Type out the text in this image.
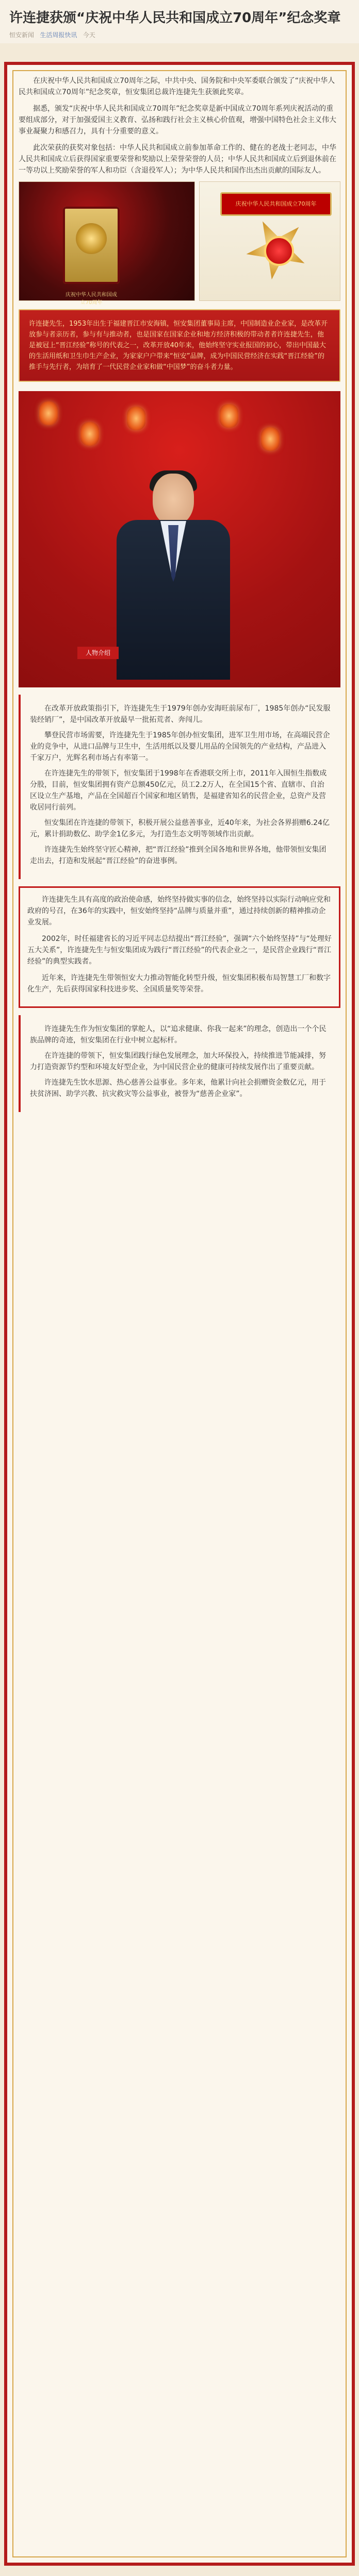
许连捷获颁“庆祝中华人民共和国成立70周年”纪念奖章
恒安新闻 生活周报快讯 今天

在庆祝中华人民共和国成立70周年之际，中共中央、国务院和中央军委联合颁发了“庆祝中华人民共和国成立70周年”纪念奖章，恒安集团总裁许连捷先生获颁此奖章。

据悉，颁发“庆祝中华人民共和国成立70周年”纪念奖章是新中国成立70周年系列庆祝活动的重要组成部分，对于加强爱国主义教育、弘扬和践行社会主义核心价值观，增强中国特色社会主义伟大事业凝聚力和感召力，具有十分重要的意义。

此次荣获的获奖对象包括：中华人民共和国成立前参加革命工作的、健在的老战士老同志，中华人民共和国成立后获得国家重要荣誉和奖励以上荣誉荣誉的人员；中华人民共和国成立后到退休前在一等功以上奖励荣誉的军人和功臣（含退役军人）；为中华人民共和国作出杰出贡献的国际友人。

庆祝中华人民共和国成立70周年
庆祝中华人民共和国成立70周年

许连捷先生，1953年出生于福建晋江市安海镇，恒安集团董事局主席，中国制造业企业家，是改革开放参与者亲历者，参与有与推动者，也是国家在国家企业和地方经济积极的带动者者许连捷先生，他是被冠上“晋江经验”称号的代表之一，改革开放40年来，他始终坚守实业报国的初心，带出中国最大的生活用纸和卫生巾生产企业，为家家户户带来“恒安”品牌，成为中国民营经济在实践“晋江经验”的推手与先行者，为培育了一代民营企业家和做“中国梦”的奋斗者力量。

在改革开放政策指引下，许连捷先生于1979年创办安海旺前尿布厂，1985年创办“民发服装经销厂”，是中国改革开放最早一批拓荒者、奔闯儿。

攀登民营市场需要，许连捷先生于1985年创办恒安集团，进军卫生用市场，在高端民营企业的竞争中，从进口品牌与卫生中，生活用纸以及婴儿用品的全国领先的产业结构，产品进入千家万户，光辉名利市场占有率第一。

在许连捷先生的带领下，恒安集团于1998年在香港联交所上市，2011年入围恒生指数成分股，目前，恒安集团拥有资产总额450亿元，员工2.2万人，在全国15个省、直辖市、自治区设立生产基地，产品在全国超百个国家和地区销售，是福建省知名的民营企业，总资产及营收居同行前列。

恒安集团在许连捷的带领下，积极开展公益慈善事业，近40年来，为社会各界捐赠6.24亿元，累计捐助数亿、助学金1亿多元，为打造生态文明等领域作出贡献。

许连捷先生始终坚守匠心精神，把“晋江经验”推到全国各地和世界各地，他带领恒安集团走出去，打造和发展起“晋江经验”的奋进事例。

许连捷先生具有高度的政治使命感，始终坚持做实事的信念，始终坚持以实际行动响应党和政府的号召，在36年的实践中，恒安始终坚持“品牌与质量并重”，通过持续创新的精神推动企业发展。

2002年，时任福建省长的习近平同志总结提出“晋江经验”，强调“六个始终坚持”与“处理好五大关系”，许连捷先生与恒安集团成为践行“晋江经验”的代表企业之一，是民营企业践行“晋江经验”的典型实践者。

近年来，许连捷先生带领恒安大力推动智能化转型升级，恒安集团积极布局智慧工厂和数字化生产，先后获得国家科技进步奖、全国质量奖等荣誉。

许连捷先生作为恒安集团的掌舵人，以“追求健康、你我一起来”的理念，创造出一个个民族品牌的奇迹，恒安集团在行业中树立起标杆。

在许连捷的带领下，恒安集团践行绿色发展理念，加大环保投入，持续推进节能减排，努力打造资源节约型和环境友好型企业，为中国民营企业的健康可持续发展作出了重要贡献。

许连捷先生饮水思源、热心慈善公益事业。多年来，他累计向社会捐赠资金数亿元，用于扶贫济困、助学兴教、抗灾救灾等公益事业，被誉为“慈善企业家”。

人物介绍
